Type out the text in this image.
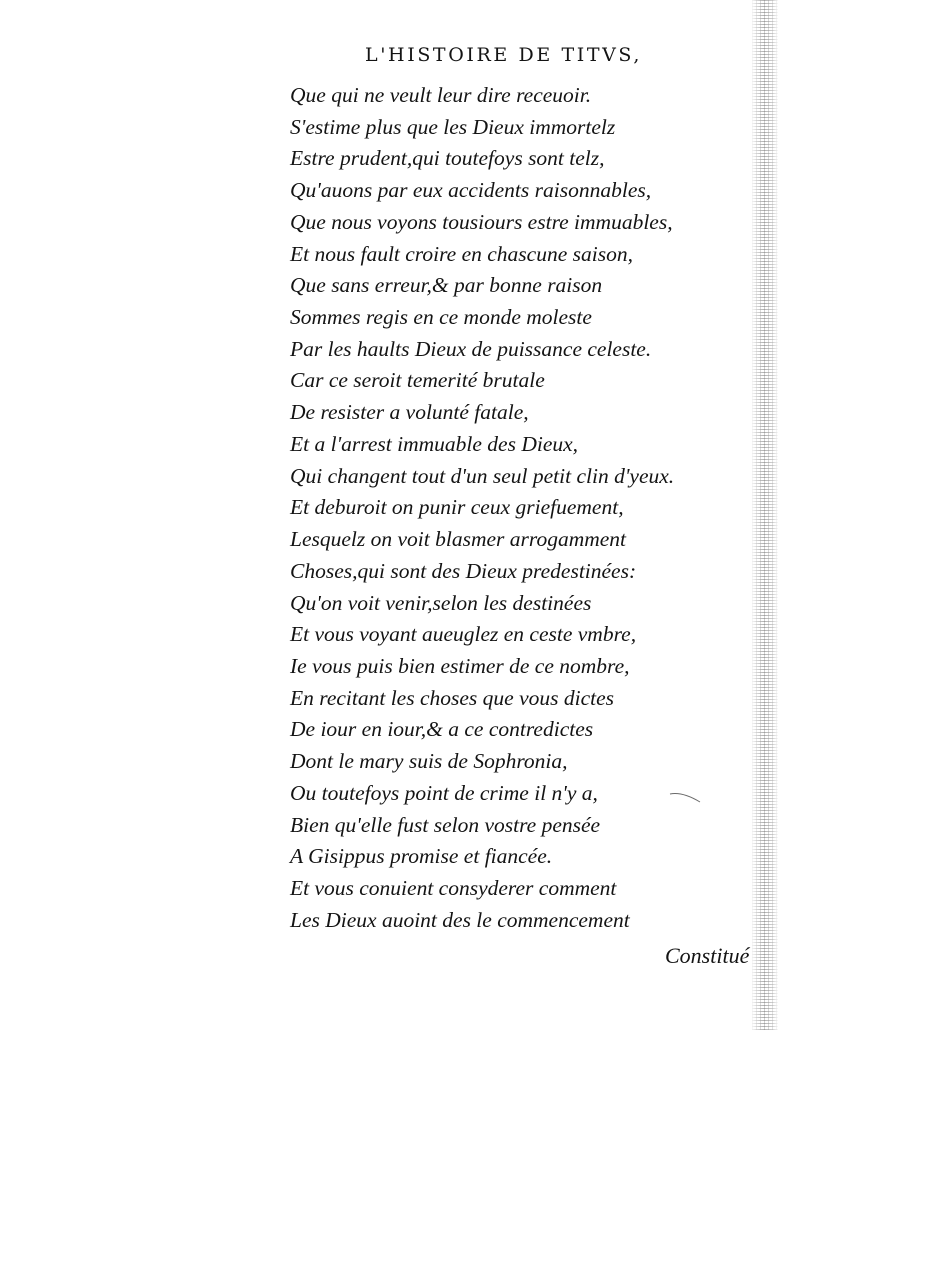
L'HISTOIRE DE TITVS,
Que qui ne veult leur dire receuoir.
S'estime plus que les Dieux immortelz
Estre prudent,qui toutefoys sont telz,
Qu'auons par eux accidents raisonnables,
Que nous voyons tousiours estre immuables,
Et nous fault croire en chascune saison,
Que sans erreur,& par bonne raison
Sommes regis en ce monde moleste
Par les haults Dieux de puissance celeste.
Car ce seroit temerité brutale
De resister a volunté fatale,
Et a l'arrest immuable des Dieux,
Qui changent tout d'un seul petit clin d'yeux.
Et deburoit on punir ceux griefuement,
Lesquelz on voit blasmer arrogamment
Choses,qui sont des Dieux predestinées:
Qu'on voit venir,selon les destinées
Et vous voyant aueuglez en ceste vmbre,
Ie vous puis bien estimer de ce nombre,
En recitant les choses que vous dictes
De iour en iour,& a ce contredictes
Dont le mary suis de Sophronia,
Ou toutefoys point de crime il n'y a,
Bien qu'elle fust selon vostre pensée
A Gisippus promise et fiancée.
Et vous conuient consyderer comment
Les Dieux auoint des le commencement
Constitué
